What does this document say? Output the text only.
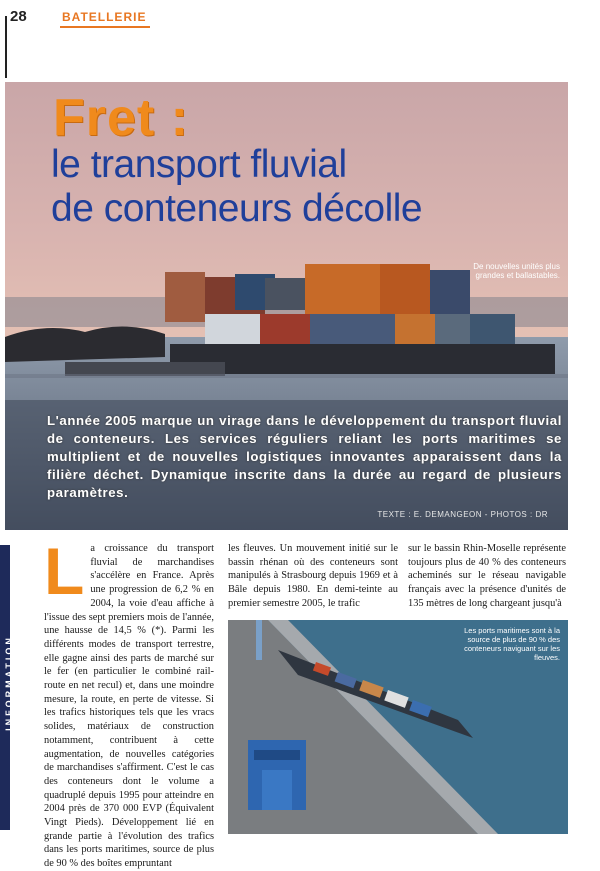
28	BATELLERIE
Fret :
le transport fluvial
de conteneurs décolle
De nouvelles unités plus grandes et ballastables.
L'année 2005 marque un virage dans le développement du transport fluvial de conteneurs. Les services réguliers reliant les ports maritimes se multiplient et de nouvelles logistiques innovantes apparaissent dans la filière déchet. Dynamique inscrite dans la durée au regard de plusieurs paramètres.
TEXTE : E. DEMANGEON - PHOTOS : DR
INFORMATION
L a croissance du transport fluvial de marchandises s'accélère en France. Après une progression de 6,2 % en 2004, la voie d'eau affiche à l'issue des sept premiers mois de l'année, une hausse de 14,5 % (*). Parmi les différents modes de transport terrestre, elle gagne ainsi des parts de marché sur le fer (en particulier le combiné rail-route en net recul) et, dans une moindre mesure, la route, en perte de vitesse. Si les trafics historiques tels que les vracs solides, matériaux de construction notamment, contribuent à cette augmentation, de nouvelles catégories de marchandises s'affirment. C'est le cas des conteneurs dont le volume a quadruplé depuis 1995 pour atteindre en 2004 près de 370 000 EVP (Équivalent Vingt Pieds). Développement lié en grande partie à l'évolution des trafics dans les ports maritimes, source de plus de 90 % des boîtes empruntant
les fleuves. Un mouvement initié sur le bassin rhénan où des conteneurs sont manipulés à Strasbourg depuis 1969 et à Bâle depuis 1980. En demi-teinte au premier semestre 2005, le trafic
sur le bassin Rhin-Moselle représente toujours plus de 40 % des conteneurs acheminés sur le réseau navigable français avec la présence d'unités de 135 mètres de long chargeant jusqu'à
Les ports maritimes sont à la source de plus de 90 % des conteneurs naviguant sur les fleuves.
